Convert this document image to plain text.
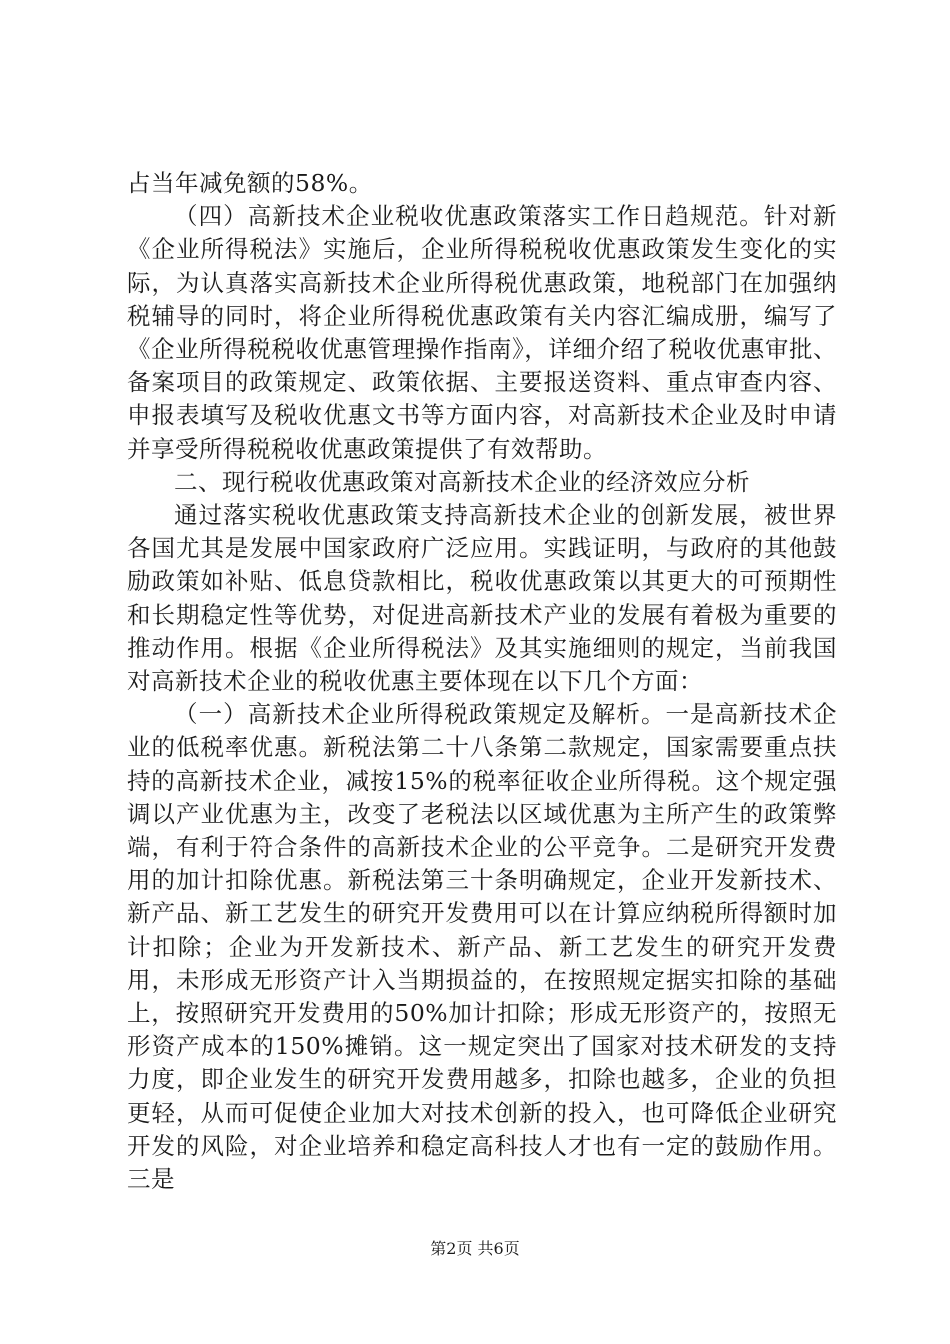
占当年减免额的58%。

（四）高新技术企业税收优惠政策落实工作日趋规范。针对新《企业所得税法》实施后，企业所得税税收优惠政策发生变化的实际，为认真落实高新技术企业所得税优惠政策，地税部门在加强纳税辅导的同时，将企业所得税优惠政策有关内容汇编成册，编写了《企业所得税税收优惠管理操作指南》，详细介绍了税收优惠审批、备案项目的政策规定、政策依据、主要报送资料、重点审查内容、申报表填写及税收优惠文书等方面内容，对高新技术企业及时申请并享受所得税税收优惠政策提供了有效帮助。

二、现行税收优惠政策对高新技术企业的经济效应分析

通过落实税收优惠政策支持高新技术企业的创新发展，被世界各国尤其是发展中国家政府广泛应用。实践证明，与政府的其他鼓励政策如补贴、低息贷款相比，税收优惠政策以其更大的可预期性和长期稳定性等优势，对促进高新技术产业的发展有着极为重要的推动作用。根据《企业所得税法》及其实施细则的规定，当前我国对高新技术企业的税收优惠主要体现在以下几个方面：

（一）高新技术企业所得税政策规定及解析。一是高新技术企业的低税率优惠。新税法第二十八条第二款规定，国家需要重点扶持的高新技术企业，减按15%的税率征收企业所得税。这个规定强调以产业优惠为主，改变了老税法以区域优惠为主所产生的政策弊端，有利于符合条件的高新技术企业的公平竞争。二是研究开发费用的加计扣除优惠。新税法第三十条明确规定，企业开发新技术、新产品、新工艺发生的研究开发费用可以在计算应纳税所得额时加计扣除；企业为开发新技术、新产品、新工艺发生的研究开发费用，未形成无形资产计入当期损益的，在按照规定据实扣除的基础上，按照研究开发费用的50%加计扣除；形成无形资产的，按照无形资产成本的150%摊销。这一规定突出了国家对技术研发的支持力度，即企业发生的研究开发费用越多，扣除也越多，企业的负担更轻，从而可促使企业加大对技术创新的投入，也可降低企业研究开发的风险，对企业培养和稳定高科技人才也有一定的鼓励作用。三是

第2页 共6页
